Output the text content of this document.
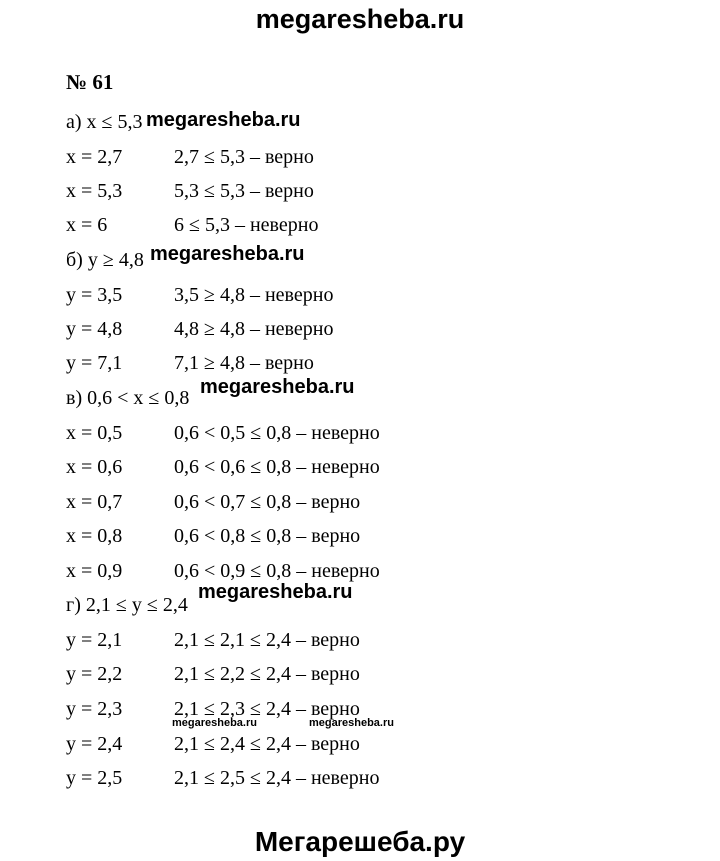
megaresheba.ru
№ 61
а) x ≤ 5,3
x = 2,7	2,7 ≤ 5,3 – верно
x = 5,3	5,3 ≤ 5,3 – верно
x = 6	6 ≤ 5,3 – неверно
б) y ≥ 4,8
y = 3,5	3,5 ≥ 4,8 – неверно
y = 4,8	4,8 ≥ 4,8 – неверно
y = 7,1	7,1 ≥ 4,8 – верно
в) 0,6 < x ≤ 0,8
x = 0,5	0,6 < 0,5 ≤ 0,8 – неверно
x = 0,6	0,6 < 0,6 ≤ 0,8 – неверно
x = 0,7	0,6 < 0,7 ≤ 0,8 – верно
x = 0,8	0,6 < 0,8 ≤ 0,8 – верно
x = 0,9	0,6 < 0,9 ≤ 0,8 – неверно
г) 2,1 ≤ y ≤ 2,4
y = 2,1	2,1 ≤ 2,1 ≤ 2,4 – верно
y = 2,2	2,1 ≤ 2,2 ≤ 2,4 – верно
y = 2,3	2,1 ≤ 2,3 ≤ 2,4 – верно
y = 2,4	2,1 ≤ 2,4 ≤ 2,4 – верно
y = 2,5	2,1 ≤ 2,5 ≤ 2,4 – неверно
megaresheba.ru
megaresheba.ru
megaresheba.ru
megaresheba.ru
megaresheba.ru	megaresheba.ru
Мегарешеба.ру
